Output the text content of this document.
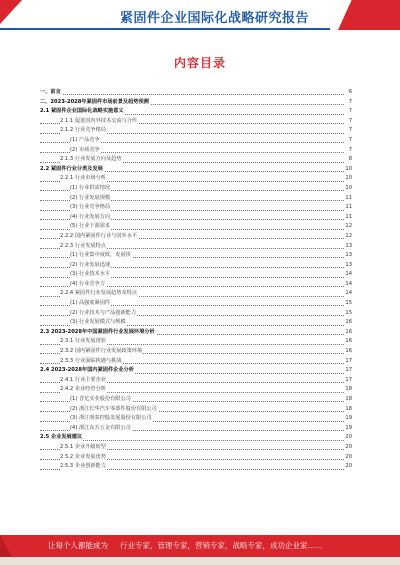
紧固件企业国际化战略研究报告
内容目录
一、前言	6
二、2023-2028年紧固件市场前景及趋势预测	7
2.1 紧固件企业国际化战略实施意义	7
2.1.1 促进国内外技术交流与合作	7
2.1.2 行业竞争格局	7
(1) 产品竞争	7
(2) 市场竞争	7
2.1.3 行业发展方向及趋势	8
2.2 紧固件行业分类及发展	10
2.2.1 行业市场分析	10
(1) 行业供需情况	10
(2) 行业发展规模	11
(3) 行业竞争格局	11
(4) 行业发展方向	11
(5) 行业下游需求	12
2.2.2 国内紧固件行业与国外水平	12
2.2.3 行业发展特点	13
(1) 行业集中度低，发展快	13
(2) 行业发展迅速	13
(3) 行业技术水平	14
(4) 行业竞争力	14
2.2.4 紧固件行业发展趋势及特点	14
(1) 高强度紧固件	15
(2) 行业技术与产品创新能力	15
(3) 行业发展模式与规模	16
2.3 2023-2028年中国紧固件行业发展环境分析	16
2.3.1 行业发展现状	16
2.3.2 国内紧固件行业发展政策环境	16
2.3.3 行业面临机遇与挑战	17
2.4 2023-2028年国内紧固件企业分析	17
2.4.1 行业主要企业	17
2.4.2 企业经营分析	18
(1) 晋亿实业股份有限公司	18
(2) 浙江长华汽车零部件股份有限公司	18
(3) 浙江明泰控股发展股份有限公司	19
(4) 浙江东方五金有限公司	19
2.5 企业发展建议	20
2.5.1 企业升级转型	20
2.5.2 企业发展优势	20
2.5.3 企业创新能力	20
让每个人都能成为 行业专家，管理专家，营销专家，战略专家，成功企业家……
